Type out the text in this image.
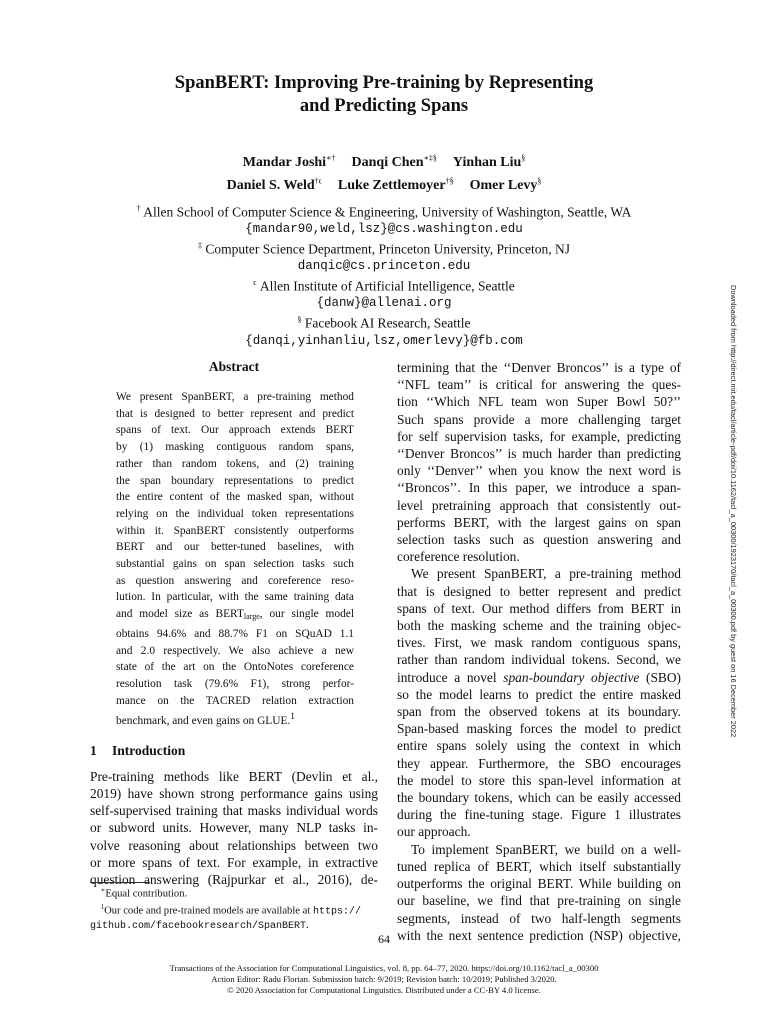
SpanBERT: Improving Pre-training by Representing
and Predicting Spans
Mandar Joshi∗† Danqi Chen∗‡§ Yinhan Liu§
Daniel S. Weld$^{\dagger\epsilon}$ Luke Zettlemoyer†§ Omer Levy§
† Allen School of Computer Science & Engineering, University of Washington, Seattle, WA
{mandar90,weld,lsz}@cs.washington.edu
‡ Computer Science Department, Princeton University, Princeton, NJ
danqic@cs.princeton.edu
$^\epsilon$ Allen Institute of Artificial Intelligence, Seattle
{danw}@allenai.org
§ Facebook AI Research, Seattle
{danqi,yinhanliu,lsz,omerlevy}@fb.com
Abstract
We present SpanBERT, a pre-training method
that is designed to better represent and predict
spans of text. Our approach extends BERT
by (1) masking contiguous random spans,
rather than random tokens, and (2) training
the span boundary representations to predict
the entire content of the masked span, without
relying on the individual token representations
within it. SpanBERT consistently outperforms
BERT and our better-tuned baselines, with
substantial gains on span selection tasks such
as question answering and coreference reso-
lution. In particular, with the same training data
and model size as BERTlarge, our single model
obtains 94.6% and 88.7% F1 on SQuAD 1.1
and 2.0 respectively. We also achieve a new
state of the art on the OntoNotes coreference
resolution task (79.6% F1), strong perfor-
mance on the TACRED relation extraction
benchmark, and even gains on GLUE.$^1$
1 Introduction
Pre-training methods like BERT (Devlin et al.,
2019) have shown strong performance gains using
self-supervised training that masks individual words
or subword units. However, many NLP tasks in-
volve reasoning about relationships between two
or more spans of text. For example, in extractive
question answering (Rajpurkar et al., 2016), de-
∗Equal contribution.
$^1$Our code and pre-trained models are available at https://
github.com/facebookresearch/SpanBERT.
termining that the ‘‘Denver Broncos’’ is a type of
‘‘NFL team’’ is critical for answering the ques-
tion ‘‘Which NFL team won Super Bowl 50?’’
Such spans provide a more challenging target
for self supervision tasks, for example, predicting
‘‘Denver Broncos’’ is much harder than predicting
only ‘‘Denver’’ when you know the next word is
‘‘Broncos’’. In this paper, we introduce a span-
level pretraining approach that consistently out-
performs BERT, with the largest gains on span
selection tasks such as question answering and
coreference resolution.
We present SpanBERT, a pre-training method
that is designed to better represent and predict
spans of text. Our method differs from BERT in
both the masking scheme and the training objec-
tives. First, we mask random contiguous spans,
rather than random individual tokens. Second, we
introduce a novel span-boundary objective (SBO)
so the model learns to predict the entire masked
span from the observed tokens at its boundary.
Span-based masking forces the model to predict
entire spans solely using the context in which
they appear. Furthermore, the SBO encourages
the model to store this span-level information at
the boundary tokens, which can be easily accessed
during the fine-tuning stage. Figure 1 illustrates
our approach.
To implement SpanBERT, we build on a well-
tuned replica of BERT, which itself substantially
outperforms the original BERT. While building on
our baseline, we find that pre-training on single
segments, instead of two half-length segments
with the next sentence prediction (NSP) objective,
64
Transactions of the Association for Computational Linguistics, vol. 8, pp. 64–77, 2020. https://doi.org/10.1162/tacl_a_00300
Action Editor: Radu Florian. Submission batch: 9/2019; Revision batch: 10/2019; Published 3/2020.
© 2020 Association for Computational Linguistics. Distributed under a CC-BY 4.0 license.
Downloaded from http://direct.mit.edu/tacl/article-pdf/doi/10.1162/tacl_a_00300/1923170/tacl_a_00300.pdf by guest on 16 December 2022
